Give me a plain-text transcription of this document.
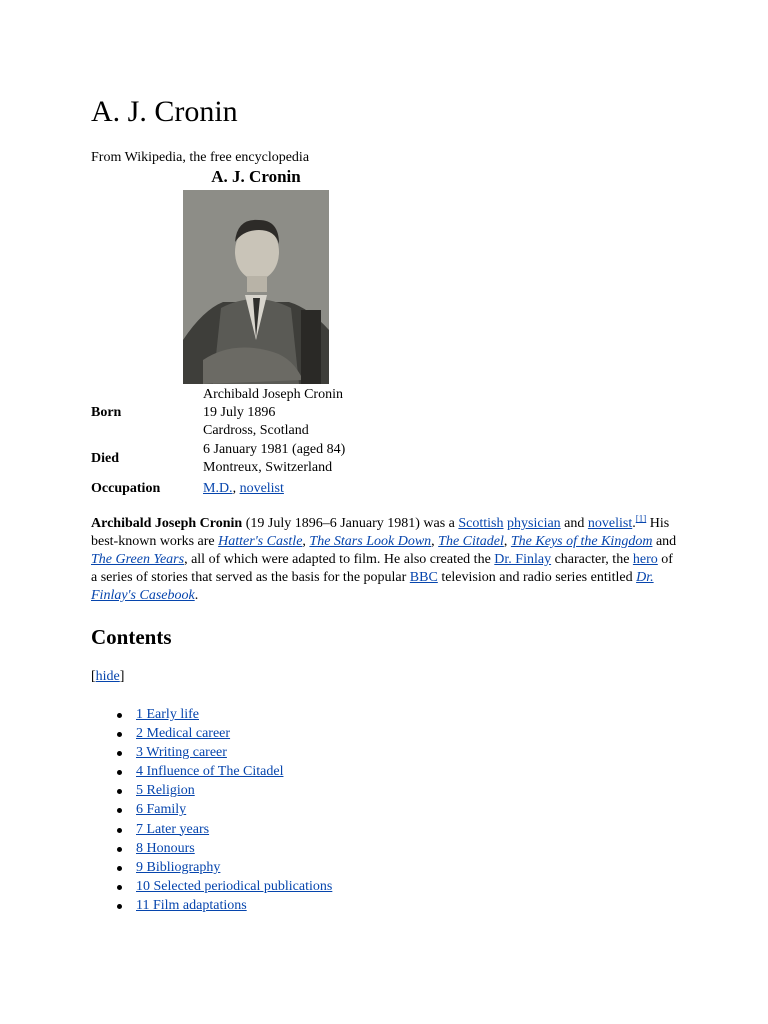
A. J. Cronin
From Wikipedia, the free encyclopedia
A. J. Cronin
Archibald Joseph Cronin
Born	19 July 1896
Cardross, Scotland
6 January 1981 (aged 84)
Died
Montreux, Switzerland
Occupation	M.D., novelist
Archibald Joseph Cronin (19 July 1896–6 January 1981) was a Scottish physician and novelist.[1] His best-known works are Hatter's Castle, The Stars Look Down, The Citadel, The Keys of the Kingdom and The Green Years, all of which were adapted to film. He also created the Dr. Finlay character, the hero of a series of stories that served as the basis for the popular BBC television and radio series entitled Dr. Finlay's Casebook.
Contents
[hide]
1 Early life
2 Medical career
3 Writing career
4 Influence of The Citadel
5 Religion
6 Family
7 Later years
8 Honours
9 Bibliography
10 Selected periodical publications
11 Film adaptations
